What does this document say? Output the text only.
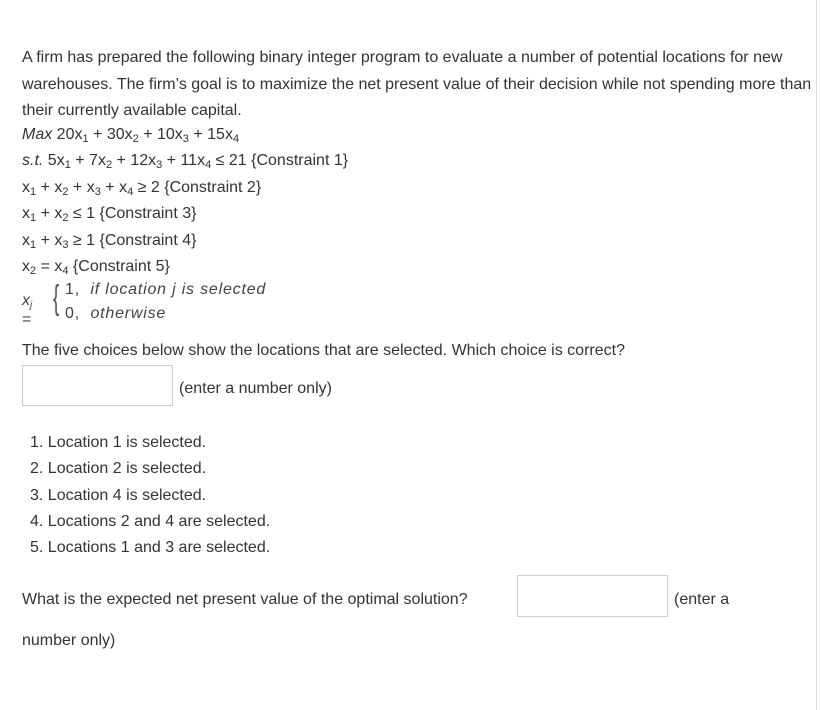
A firm has prepared the following binary integer program to evaluate a number of potential locations for new warehouses. The firm’s goal is to maximize the net present value of their decision while not spending more than their currently available capital.
Max $20x_1 + 30x_2 + 10x_3 + 15x_4$
s.t. $5x_1 + 7x_2 + 12x_3 + 11x_4 \le 21$ {Constraint 1}
$x_1 + x_2 + x_3 + x_4 \ge 2$ {Constraint 2}
$x_1 + x_2 \le 1$ {Constraint 3}
$x_1 + x_3 \ge 1$ {Constraint 4}
$x_2 = x_4$ {Constraint 5}
$x_j$ =
{ 1, if location j is selected
0, otherwise
The five choices below show the locations that are selected. Which choice is correct?
(enter a number only)
1. Location 1 is selected.
2. Location 2 is selected.
3. Location 4 is selected.
4. Locations 2 and 4 are selected.
5. Locations 1 and 3 are selected.
What is the expected net present value of the optimal solution?	(enter a
number only)
